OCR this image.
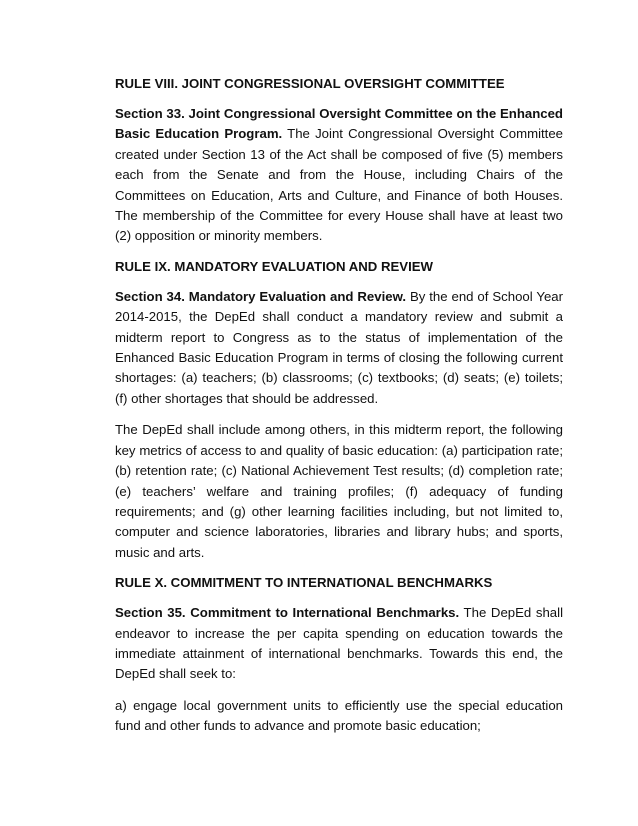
RULE VIII. JOINT CONGRESSIONAL OVERSIGHT COMMITTEE

Section 33. Joint Congressional Oversight Committee on the Enhanced Basic Education Program. The Joint Congressional Oversight Committee created under Section 13 of the Act shall be composed of five (5) members each from the Senate and from the House, including Chairs of the Committees on Education, Arts and Culture, and Finance of both Houses. The membership of the Committee for every House shall have at least two (2) opposition or minority members.

RULE IX. MANDATORY EVALUATION AND REVIEW

Section 34. Mandatory Evaluation and Review. By the end of School Year 2014-2015, the DepEd shall conduct a mandatory review and submit a midterm report to Congress as to the status of implementation of the Enhanced Basic Education Program in terms of closing the following current shortages: (a) teachers; (b) classrooms; (c) textbooks; (d) seats; (e) toilets; (f) other shortages that should be addressed.

The DepEd shall include among others, in this midterm report, the following key metrics of access to and quality of basic education: (a) participation rate; (b) retention rate; (c) National Achievement Test results; (d) completion rate; (e) teachers’ welfare and training profiles; (f) adequacy of funding requirements; and (g) other learning facilities including, but not limited to, computer and science laboratories, libraries and library hubs; and sports, music and arts.

RULE X. COMMITMENT TO INTERNATIONAL BENCHMARKS

Section 35. Commitment to International Benchmarks. The DepEd shall endeavor to increase the per capita spending on education towards the immediate attainment of international benchmarks. Towards this end, the DepEd shall seek to:

a) engage local government units to efficiently use the special education fund and other funds to advance and promote basic education;
